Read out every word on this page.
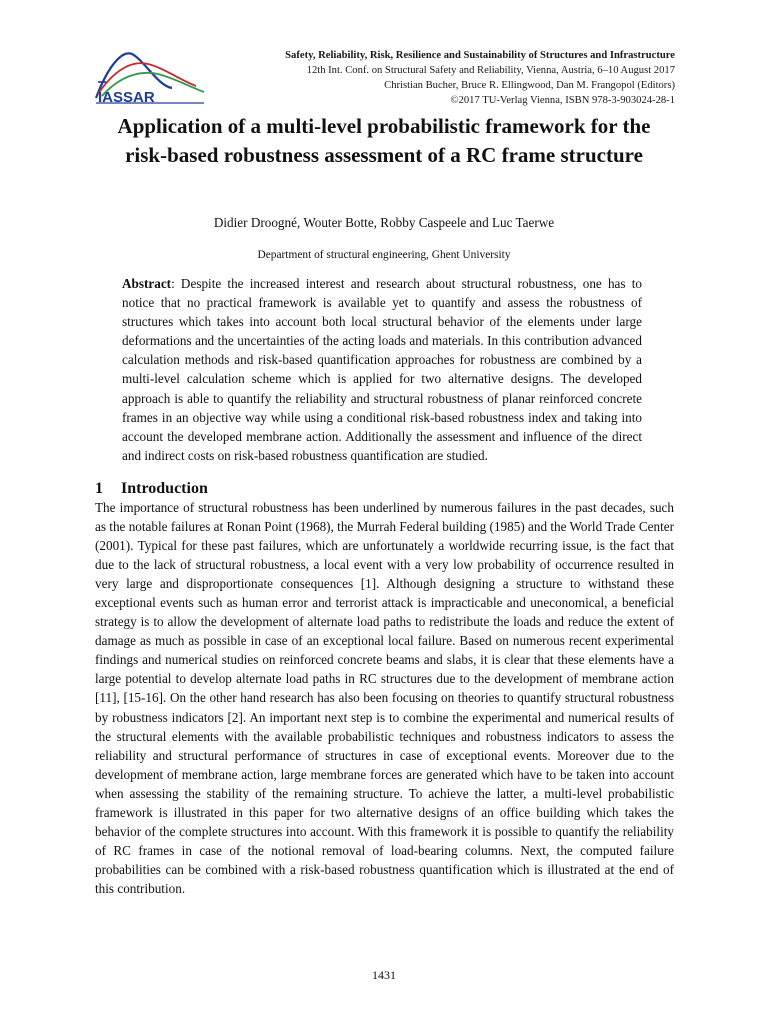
IASSAR
Safety, Reliability, Risk, Resilience and Sustainability of Structures and Infrastructure
12th Int. Conf. on Structural Safety and Reliability, Vienna, Austria, 6–10 August 2017
Christian Bucher, Bruce R. Ellingwood, Dan M. Frangopol (Editors)
©2017 TU-Verlag Vienna, ISBN 978-3-903024-28-1
Application of a multi-level probabilistic framework for the risk-based robustness assessment of a RC frame structure
Didier Droogné, Wouter Botte, Robby Caspeele and Luc Taerwe
Department of structural engineering, Ghent University

Abstract: Despite the increased interest and research about structural robustness, one has to notice that no practical framework is available yet to quantify and assess the robustness of structures which takes into account both local structural behavior of the elements under large deformations and the uncertainties of the acting loads and materials. In this contribution advanced calculation methods and risk-based quantification approaches for robustness are combined by a multi-level calculation scheme which is applied for two alternative designs. The developed approach is able to quantify the reliability and structural robustness of planar reinforced concrete frames in an objective way while using a conditional risk-based robustness index and taking into account the developed membrane action. Additionally the assessment and influence of the direct and indirect costs on risk-based robustness quantification are studied.

1 Introduction

The importance of structural robustness has been underlined by numerous failures in the past decades, such as the notable failures at Ronan Point (1968), the Murrah Federal building (1985) and the World Trade Center (2001). Typical for these past failures, which are unfortunately a worldwide recurring issue, is the fact that due to the lack of structural robustness, a local event with a very low probability of occurrence resulted in very large and disproportionate consequences [1]. Although designing a structure to withstand these exceptional events such as human error and terrorist attack is impracticable and uneconomical, a beneficial strategy is to allow the development of alternate load paths to redistribute the loads and reduce the extent of damage as much as possible in case of an exceptional local failure. Based on numerous recent experimental findings and numerical studies on reinforced concrete beams and slabs, it is clear that these elements have a large potential to develop alternate load paths in RC structures due to the development of membrane action [11], [15-16]. On the other hand research has also been focusing on theories to quantify structural robustness by robustness indicators [2]. An important next step is to combine the experimental and numerical results of the structural elements with the available probabilistic techniques and robustness indicators to assess the reliability and structural performance of structures in case of exceptional events. Moreover due to the development of membrane action, large membrane forces are generated which have to be taken into account when assessing the stability of the remaining structure. To achieve the latter, a multi-level probabilistic framework is illustrated in this paper for two alternative designs of an office building which takes the behavior of the complete structures into account. With this framework it is possible to quantify the reliability of RC frames in case of the notional removal of load-bearing columns. Next, the computed failure probabilities can be combined with a risk-based robustness quantification which is illustrated at the end of this contribution.

1431
